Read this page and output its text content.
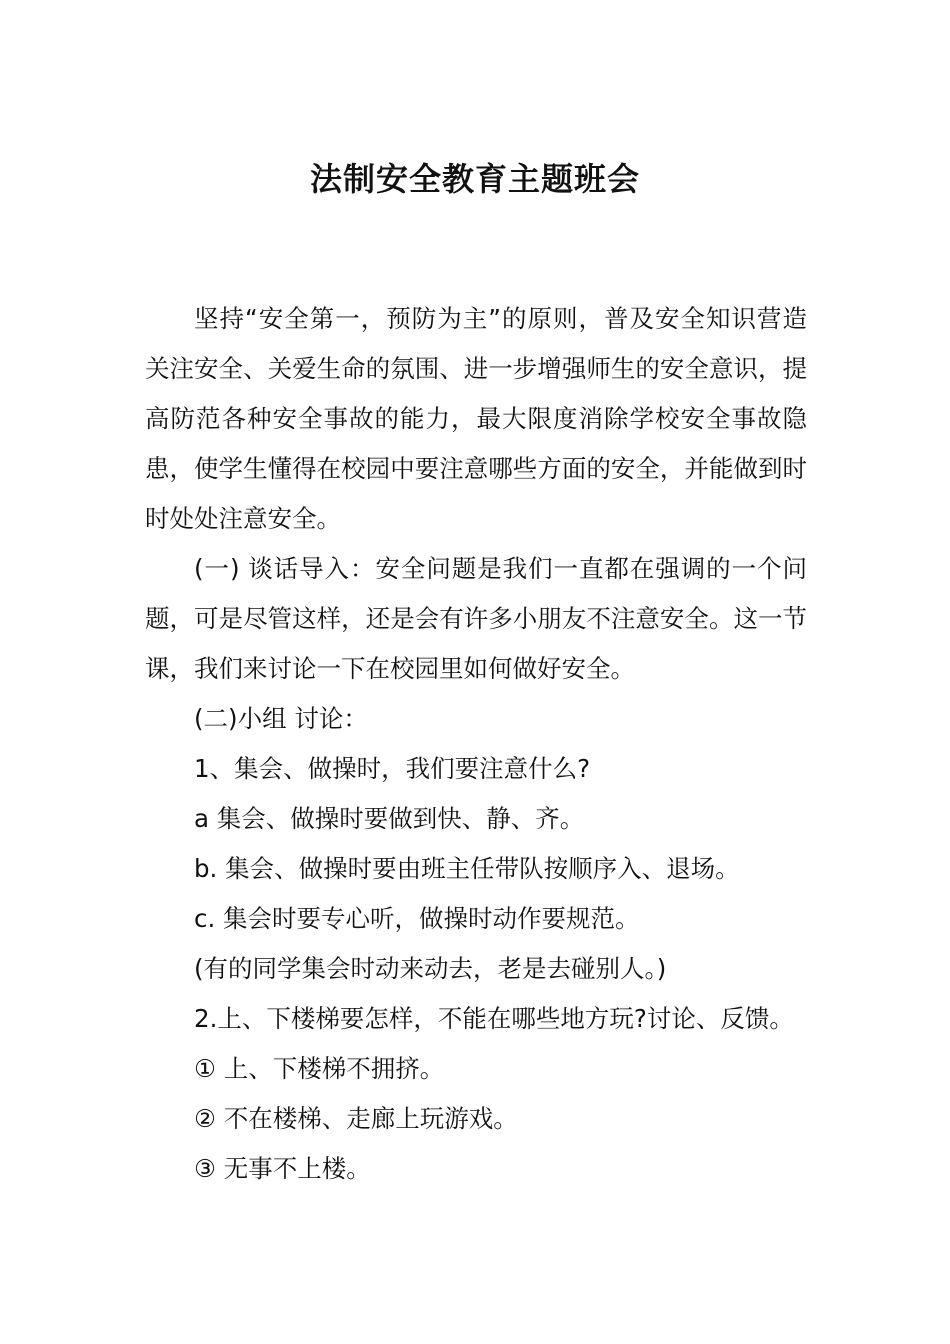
法制安全教育主题班会

坚持“安全第一，预防为主”的原则，普及安全知识营造关注安全、关爱生命的氛围、进一步增强师生的安全意识，提高防范各种安全事故的能力，最大限度消除学校安全事故隐患，使学生懂得在校园中要注意哪些方面的安全，并能做到时时处处注意安全。

(一) 谈话导入：安全问题是我们一直都在强调的一个问题，可是尽管这样，还是会有许多小朋友不注意安全。这一节课，我们来讨论一下在校园里如何做好安全。

(二)小组 讨论：

1、集会、做操时，我们要注意什么?

a 集会、做操时要做到快、静、齐。

b. 集会、做操时要由班主任带队按顺序入、退场。

c. 集会时要专心听，做操时动作要规范。

(有的同学集会时动来动去，老是去碰别人。)

2.上、下楼梯要怎样，不能在哪些地方玩?讨论、反馈。

① 上、下楼梯不拥挤。

② 不在楼梯、走廊上玩游戏。

③ 无事不上楼。
